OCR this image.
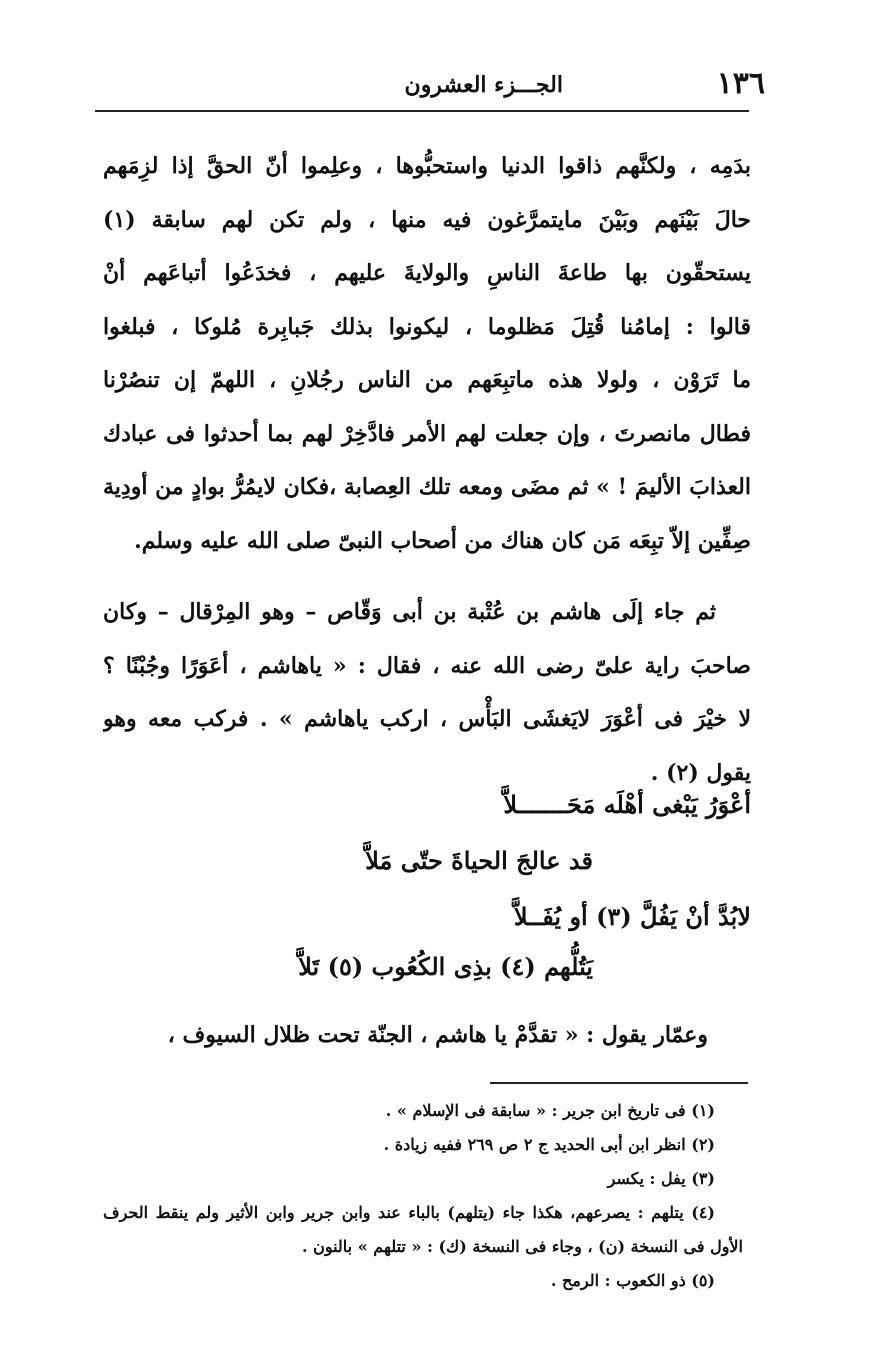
١٣٦
الجـــزء العشرون
بدَمِه ، ولكنَّهم ذاقوا الدنيا واستحبُّوها ، وعلِموا أنّ الحقَّ إذا لزِمَهم
حالَ بَيْنَهم وبَيْنَ مايتمرَّغون فيه منها ، ولم تكن لهم سابقة (١)
يستحقّون بها طاعةَ الناسِ والولايةَ عليهم ، فخدَعُوا أتباعَهم أنْ
قالوا : إمامُنا قُتِلَ مَظلوما ، ليكونوا بذلك جَبابِرة مُلوكا ، فبلغوا
ما تَرَوْن ، ولولا هذه ماتبِعَهم من الناس رجُلانِ ، اللهمّ إن تنصُرْنا
فطال مانصرتَ ، وإن جعلت لهم الأمر فادَّخِرْ لهم بما أحدثوا فى عبادك
العذابَ الأليمَ ! » ثم مضَى ومعه تلك العِصابة ،فكان لايمُرُّ بوادٍ من أودِية
صِفِّين إلاّ تبِعَه مَن كان هناك من أصحاب النبىّ صلى الله عليه وسلم.
ثم جاء إلَى هاشم بن عُتْبة بن أبى وَقّاص – وهو المِرْقال – وكان
صاحبَ راية علىّ رضى الله عنه ، فقال : « ياهاشم ، أعَوَرًا وجُبْنًا ؟
لا خيْرَ فى أعْوَرَ لايَغشَى البَأْس ، اركب ياهاشم » . فركب معه وهو
يقول (٢) .
أعْوَرُ يَبْغى أهْلَه مَحَـــــــلاَّ
قد عالجَ الحياةَ حتّى مَلاَّ
لابُدَّ أنْ يَفُلَّ (٣) أو يُفَــلاَّ
يَتُلُّهم (٤) بذِى الكُعُوب (٥) تَلاَّ
وعمّار يقول : « تقدَّمْ يا هاشم ، الجنّة تحت ظلال السيوف ،
(١) فى تاريخ ابن جرير : « سابقة فى الإسلام » .
(٢) انظر ابن أبى الحديد ج ٢ ص ٢٦٩ ففيه زيادة .
(٣) يفل : يكسر
(٤) يتلهم : يصرعهم، هكذا جاء (يتلهم) بالباء عند وابن جرير وابن الأثير ولم ينقط الحرف
الأول فى النسخة (ن) ، وجاء فى النسخة (ك) : « تتلهم » بالنون .
(٥) ذو الكعوب : الرمح .
